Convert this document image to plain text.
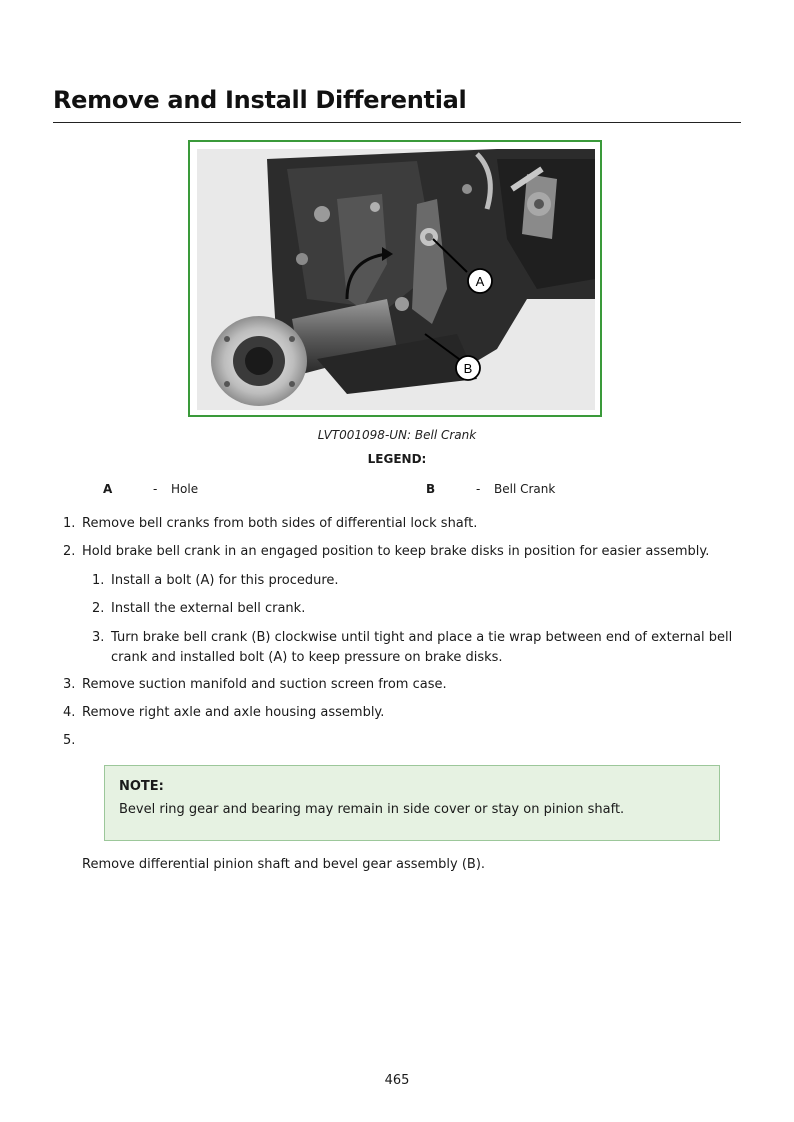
Remove and Install Differential
A
B
LVT001098-UN: Bell Crank
LEGEND:
A	- Hole	B	- Bell Crank
1. Remove bell cranks from both sides of differential lock shaft.
2. Hold brake bell crank in an engaged position to keep brake disks in position for easier assembly.
1. Install a bolt (A) for this procedure.
2. Install the external bell crank.
3. Turn brake bell crank (B) clockwise until tight and place a tie wrap between end of external bell
crank and installed bolt (A) to keep pressure on brake disks.
3. Remove suction manifold and suction screen from case.
4. Remove right axle and axle housing assembly.
5.
NOTE:
Bevel ring gear and bearing may remain in side cover or stay on pinion shaft.
Remove differential pinion shaft and bevel gear assembly (B).
465
